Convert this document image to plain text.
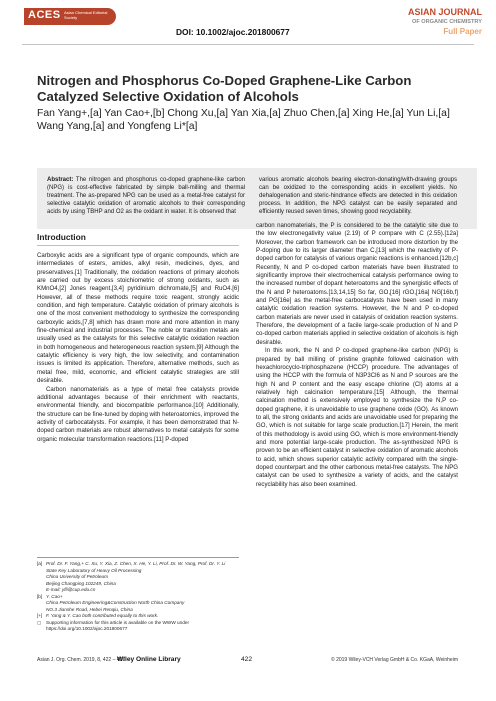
ACES Asian Chemical Editorial Society
DOI: 10.1002/ajoc.201800677
ASIAN JOURNAL
OF ORGANIC CHEMISTRY
Full Paper
Nitrogen and Phosphorus Co-Doped Graphene-Like Carbon Catalyzed Selective Oxidation of Alcohols
Fan Yang+,[a] Yan Cao+,[b] Chong Xu,[a] Yan Xia,[a] Zhuo Chen,[a] Xing He,[a] Yun Li,[a]
Wang Yang,[a] and Yongfeng Li*[a]
Abstract: The nitrogen and phosphorus co-doped graphene-like carbon (NPG) is cost-effective fabricated by simple ball-milling and thermal treatment. The as-prepared NPG can be used as a metal-free catalyst for selective catalytic oxidation of aromatic alcohols to their corresponding acids by using TBHP and O2 as the oxidant in water. It is observed that
various aromatic alcohols bearing electron-donating/with-drawing groups can be oxidized to the corresponding acids in excellent yields. No dehalogenation and steric-hindrance effects are detected in this oxidation process. In addition, the NPG catalyst can be easily separated and efficiently reused seven times, showing good recyclability.
Introduction

Carboxylic acids are a significant type of organic compounds, which are intermediates of esters, amides, alkyl resin, medicines, dyes, and preservatives.[1] Traditionally, the oxidation reactions of primary alcohols are carried out by excess stoichiometric of strong oxidants, such as KMnO4,[2] Jones reagent,[3,4] pyridinium dichromate,[5] and RuO4.[6] However, all of these methods require toxic reagent, strongly acidic condition, and high temperature. Catalytic oxidation of primary alcohols is one of the most convenient methodology to synthesize the corresponding carboxylic acids,[7,8] which has drawn more and more attention in many fine-chemical and industrial processes. The noble or transition metals are usually used as the catalysts for this selective catalytic oxidation reaction in both homogeneous and heterogeneous reaction system.[9] Although the catalytic efficiency is very high, the low selectivity, and contamination issues is limited its application. Therefore, alternative methods, such as metal free, mild, economic, and efficient catalytic strategies are still desirable.

Carbon nanomaterials as a type of metal free catalysts provide additional advantages because of their enrichment with reactants, environmental friendly, and biocompatible performance.[10] Additionally, the structure can be fine-tuned by doping with heteroatomics, improved the activity of carbocatalysts. For example, it has been demonstrated that N-doped carbon materials are robust alternatives to metal catalysts for some organic molecular transformation reactions.[11] P-doped

carbon nanomaterials, the P is considered to be the catalytic site due to the low electronegativity value (2.19) of P compare with C (2.55).[12a] Moreover, the carbon framework can be introduced more distortion by the P-doping due to its larger diameter than C,[13] which the reactivity of P-doped carbon for catalysis of various organic reactions is enhanced.[12b,c] Recently, N and P co-doped carbon materials have been illustrated to significantly improve their electrochemical catalysis performance owing to the increased number of dopant heteroatoms and the synergistic effects of the N and P heteroatoms.[13,14,15] So far, GO,[16] rGO,[16a] NG[16b,f] and PG[16e] as the metal-free carbocatalysts have been used in many catalytic oxidation reaction systems. However, the N and P co-doped carbon materials are never used in catalysis of oxidation reaction systems. Therefore, the development of a facile large-scale production of N and P co-doped carbon materials applied in selective oxidation of alcohols is high desirable.

In this work, the N and P co-doped graphene-like carbon (NPG) is prepared by ball milling of pristine graphite followed calcination with hexachlorocyclo-triphosphazene (HCCP) procedure. The advantages of using the HCCP with the formula of N3P3Cl6 as N and P sources are the high N and P content and the easy escape chlorine (Cl) atoms at a relatively high calcination temperature.[15] Although, the thermal calcination method is extensively employed to synthesize the N,P co-doped graphene, it is unavoidable to use graphene oxide (GO). As known to all, the strong oxidants and acids are unavoidable used for preparing the GO, which is not suitable for large scale production.[17] Herein, the merit of this methodology is avoid using GO, which is more environment-friendly and more potential large-scale production. The as-synthesized NPG is proven to be an efficient catalyst in selective oxidation of aromatic alcohols to acid, which shows superior catalytic activity compared with the single-doped counterpart and the other carbonous metal-free catalysts. The NPG catalyst can be used to synthesize a variety of acids, and the catalyst recyclability has also been examined.

[a] Prof. Dr. F. Yang,+ C. Xu, Y. Xia, Z. Chen, X. He, Y. Li, Prof. Dr. W. Yang, Prof. Dr. Y. Li
State Key Laboratory of Heavy Oil Processing
China University of Petroleum
Beijing Changping 102249, China
E-mail: yfli@cup.edu.cn
[b] Y. Cao+
China Petroleum Engineering&Construction North China Company
NO.3 Jianshe Road, Hebei Renqiu, China
[+] F. Yang & Y. Cao both contributed equally to this work.
▢ Supporting information for this article is available on the WWW under https://doi.org/10.1002/ajoc.201800677
Asian J. Org. Chem. 2019, 8, 422 – 427
Wiley Online Library	422	© 2019 Wiley-VCH Verlag GmbH & Co. KGaA, Weinheim
